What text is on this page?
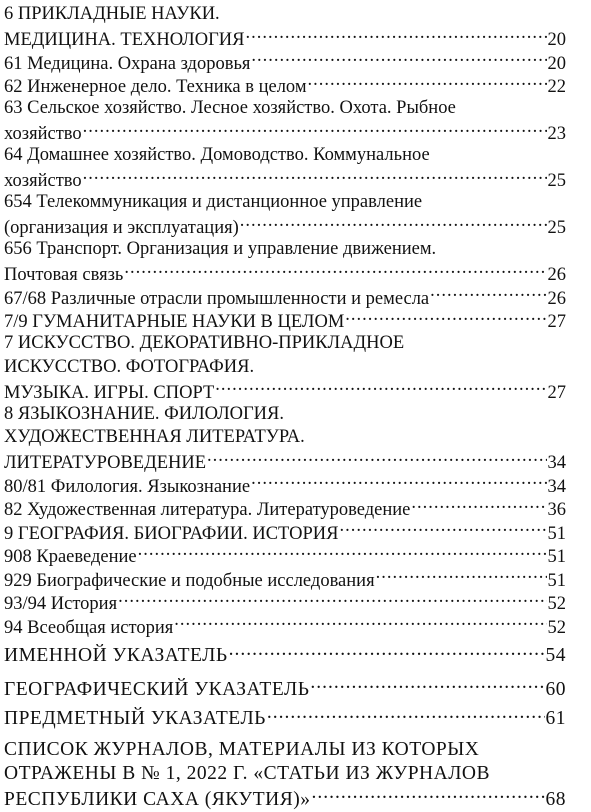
6 ПРИКЛАДНЫЕ НАУКИ.
МЕДИЦИНА. ТЕХНОЛОГИЯ .....	20
61 Медицина. Охрана здоровья .....	20
62 Инженерное дело. Техника в целом .....	22
63 Сельское хозяйство. Лесное хозяйство. Охота. Рыбное
хозяйство .....	23
64 Домашнее хозяйство. Домоводство. Коммунальное
хозяйство .....	25
654 Телекоммуникация и дистанционное управление
(организация и эксплуатация) .....	25
656 Транспорт. Организация и управление движением.
Почтовая связь .....	26
67/68 Различные отрасли промышленности и ремесла .....	26
7/9 ГУМАНИТАРНЫЕ НАУКИ В ЦЕЛОМ .....	27
7 ИСКУССТВО. ДЕКОРАТИВНО-ПРИКЛАДНОЕ
ИСКУССТВО. ФОТОГРАФИЯ.
МУЗЫКА. ИГРЫ. СПОРТ .....	27
8 ЯЗЫКОЗНАНИЕ. ФИЛОЛОГИЯ.
ХУДОЖЕСТВЕННАЯ ЛИТЕРАТУРА.
ЛИТЕРАТУРОВЕДЕНИЕ .....	34
80/81 Филология. Языкознание .....	34
82 Художественная литература. Литературоведение .....	36
9 ГЕОГРАФИЯ. БИОГРАФИИ. ИСТОРИЯ .....	51
908 Краеведение .....	51
929 Биографические и подобные исследования .....	51
93/94 История .....	52
94 Всеобщая история .....	52
ИМЕННОЙ УКАЗАТЕЛЬ .....	54
ГЕОГРАФИЧЕСКИЙ УКАЗАТЕЛЬ .....	60
ПРЕДМЕТНЫЙ УКАЗАТЕЛЬ .....	61
СПИСОК ЖУРНАЛОВ, МАТЕРИАЛЫ ИЗ КОТОРЫХ
ОТРАЖЕНЫ В № 1, 2022 Г. «СТАТЬИ ИЗ ЖУРНАЛОВ
РЕСПУБЛИКИ САХА (ЯКУТИЯ)» .....	68
